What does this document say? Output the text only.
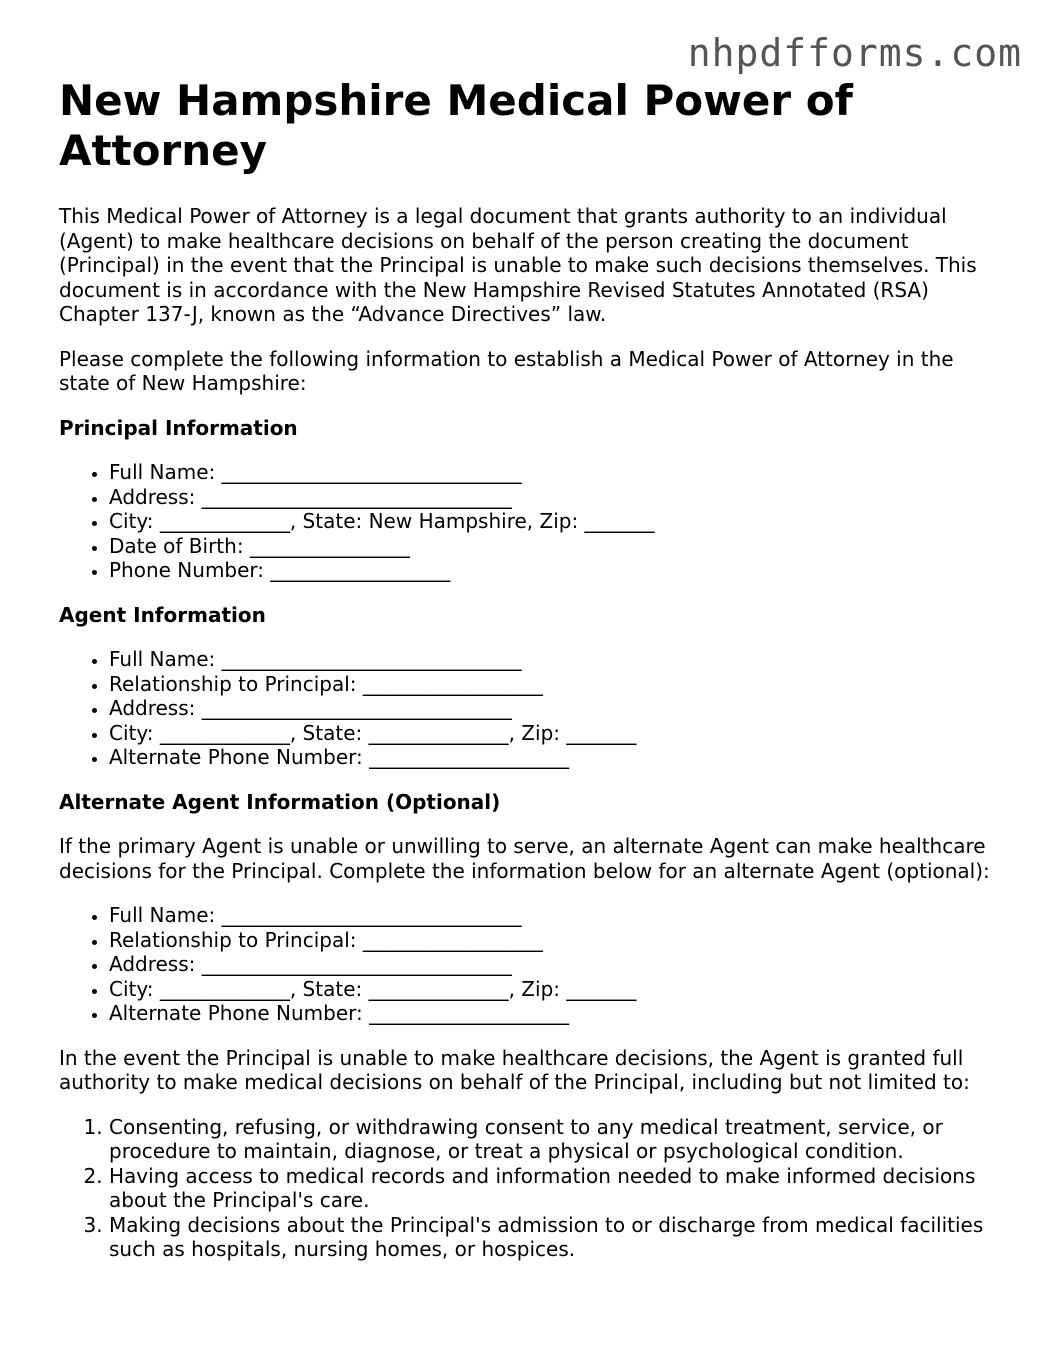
nhpdfforms.com
New Hampshire Medical Power of Attorney

This Medical Power of Attorney is a legal document that grants authority to an individual (Agent) to make healthcare decisions on behalf of the person creating the document (Principal) in the event that the Principal is unable to make such decisions themselves. This document is in accordance with the New Hampshire Revised Statutes Annotated (RSA) Chapter 137-J, known as the “Advance Directives” law.

Please complete the following information to establish a Medical Power of Attorney in the state of New Hampshire:

Principal Information
• Full Name: ______________________________
• Address: _______________________________
• City: _____________, State: New Hampshire, Zip: _______
• Date of Birth: ________________
• Phone Number: __________________
Agent Information
• Full Name: ______________________________
• Relationship to Principal: __________________
• Address: _______________________________
• City: _____________, State: ______________, Zip: _______
• Alternate Phone Number: ____________________
Alternate Agent Information (Optional)

If the primary Agent is unable or unwilling to serve, an alternate Agent can make healthcare decisions for the Principal. Complete the information below for an alternate Agent (optional):

• Full Name: ______________________________
• Relationship to Principal: __________________
• Address: _______________________________
• City: _____________, State: ______________, Zip: _______
• Alternate Phone Number: ____________________

In the event the Principal is unable to make healthcare decisions, the Agent is granted full authority to make medical decisions on behalf of the Principal, including but not limited to:

1. Consenting, refusing, or withdrawing consent to any medical treatment, service, or procedure to maintain, diagnose, or treat a physical or psychological condition.
2. Having access to medical records and information needed to make informed decisions about the Principal's care.
3. Making decisions about the Principal's admission to or discharge from medical facilities such as hospitals, nursing homes, or hospices.
